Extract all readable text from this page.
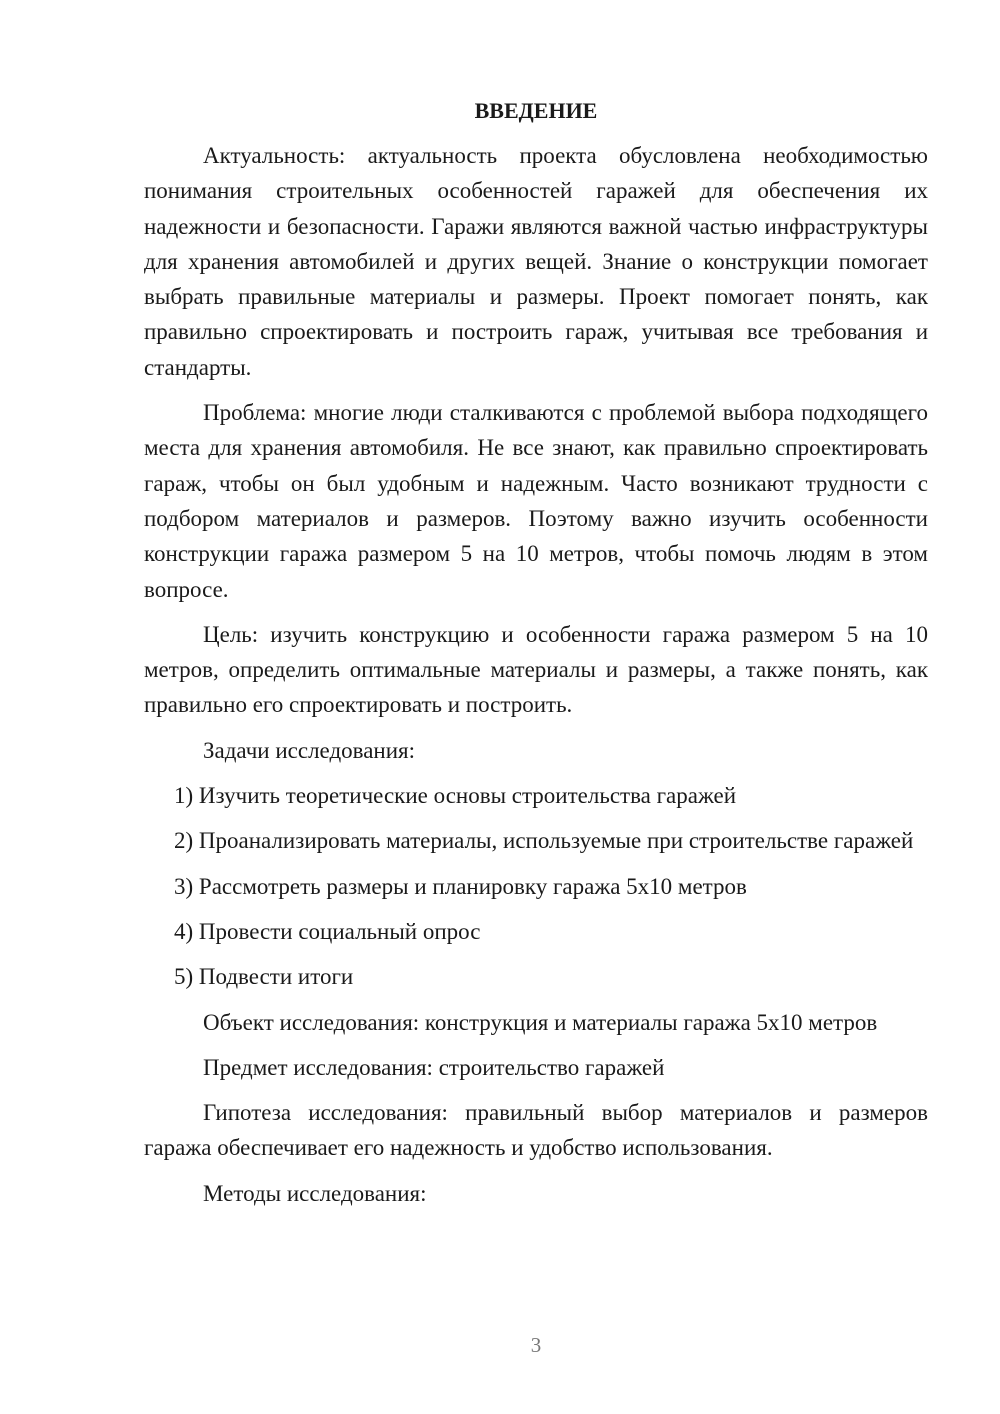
ВВЕДЕНИЕ

Актуальность: актуальность проекта обусловлена необходимостью понимания строительных особенностей гаражей для обеспечения их надежности и безопасности. Гаражи являются важной частью инфраструктуры для хранения автомобилей и других вещей. Знание о конструкции помогает выбрать правильные материалы и размеры. Проект помогает понять, как правильно спроектировать и построить гараж, учитывая все требования и стандарты.

Проблема: многие люди сталкиваются с проблемой выбора подходящего места для хранения автомобиля. Не все знают, как правильно спроектировать гараж, чтобы он был удобным и надежным. Часто возникают трудности с подбором материалов и размеров. Поэтому важно изучить особенности конструкции гаража размером 5 на 10 метров, чтобы помочь людям в этом вопросе.

Цель: изучить конструкцию и особенности гаража размером 5 на 10 метров, определить оптимальные материалы и размеры, а также понять, как правильно его спроектировать и построить.

Задачи исследования:

1) Изучить теоретические основы строительства гаражей

2) Проанализировать материалы, используемые при строительстве гаражей

3) Рассмотреть размеры и планировку гаража 5х10 метров

4) Провести социальный опрос

5) Подвести итоги

Объект исследования: конструкция и материалы гаража 5х10 метров

Предмет исследования: строительство гаражей

Гипотеза исследования: правильный выбор материалов и размеров гаража обеспечивает его надежность и удобство использования.

Методы исследования:

3
